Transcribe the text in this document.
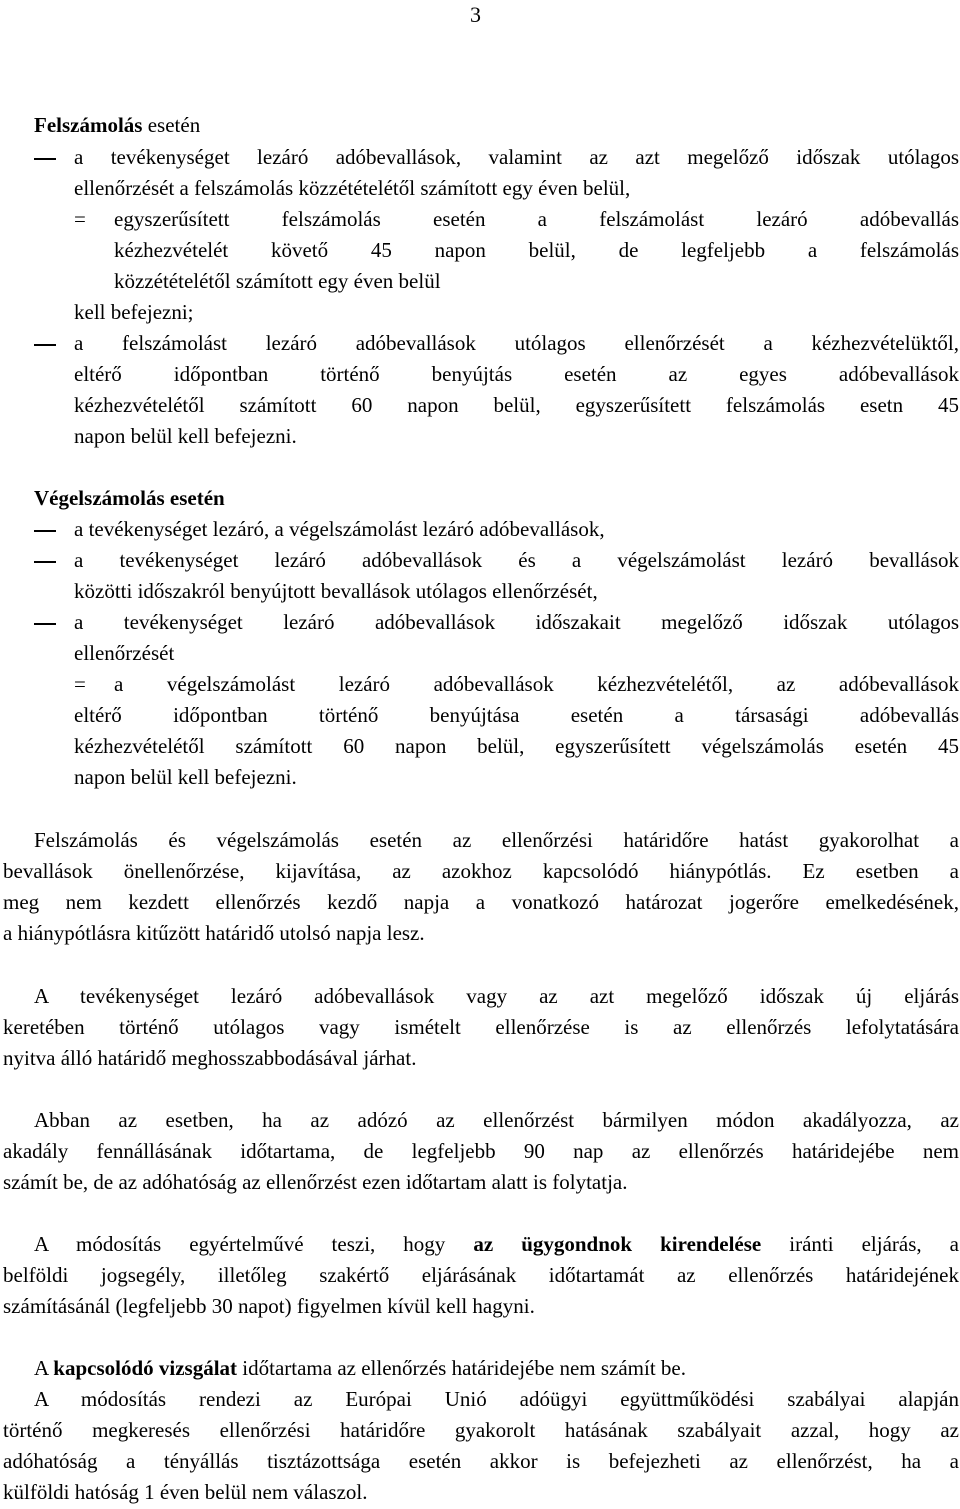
3
Felszámolás esetén
a tevékenységet lezáró adóbevallások, valamint az azt megelőző időszak utólagos
ellenőrzését a felszámolás közzétételétől számított egy éven belül,
= egyszerűsített felszámolás esetén a felszámolást lezáró adóbevallás
kézhezvételét követő 45 napon belül, de legfeljebb a felszámolás
közzétételétől számított egy éven belül
kell befejezni;
a felszámolást lezáró adóbevallások utólagos ellenőrzését a kézhezvételüktől,
eltérő időpontban történő benyújtás esetén az egyes adóbevallások
kézhezvételétől számított 60 napon belül, egyszerűsített felszámolás esetn 45
napon belül kell befejezni.
Végelszámolás esetén
a tevékenységet lezáró, a végelszámolást lezáró adóbevallások,
a tevékenységet lezáró adóbevallások és a végelszámolást lezáró bevallások
közötti időszakról benyújtott bevallások utólagos ellenőrzését,
a tevékenységet lezáró adóbevallások időszakait megelőző időszak utólagos
ellenőrzését
= a végelszámolást lezáró adóbevallások kézhezvételétől, az adóbevallások
eltérő időpontban történő benyújtása esetén a társasági adóbevallás
kézhezvételétől számított 60 napon belül, egyszerűsített végelszámolás esetén 45
napon belül kell befejezni.
Felszámolás és végelszámolás esetén az ellenőrzési határidőre hatást gyakorolhat a
bevallások önellenőrzése, kijavítása, az azokhoz kapcsolódó hiánypótlás. Ez esetben a
meg nem kezdett ellenőrzés kezdő napja a vonatkozó határozat jogerőre emelkedésének,
a hiánypótlásra kitűzött határidő utolsó napja lesz.
A tevékenységet lezáró adóbevallások vagy az azt megelőző időszak új eljárás
keretében történő utólagos vagy ismételt ellenőrzése is az ellenőrzés lefolytatására
nyitva álló határidő meghosszabbodásával járhat.
Abban az esetben, ha az adózó az ellenőrzést bármilyen módon akadályozza, az
akadály fennállásának időtartama, de legfeljebb 90 nap az ellenőrzés határidejébe nem
számít be, de az adóhatóság az ellenőrzést ezen időtartam alatt is folytatja.
A módosítás egyértelművé teszi, hogy az ügygondnok kirendelése iránti eljárás, a
belföldi jogsegély, illetőleg szakértő eljárásának időtartamát az ellenőrzés határidejének
számításánál (legfeljebb 30 napot) figyelmen kívül kell hagyni.
A kapcsolódó vizsgálat időtartama az ellenőrzés határidejébe nem számít be.
A módosítás rendezi az Európai Unió adóügyi együttműködési szabályai alapján
történő megkeresés ellenőrzési határidőre gyakorolt hatásának szabályait azzal, hogy az
adóhatóság a tényállás tisztázottsága esetén akkor is befejezheti az ellenőrzést, ha a
külföldi hatóság 1 éven belül nem válaszol.
